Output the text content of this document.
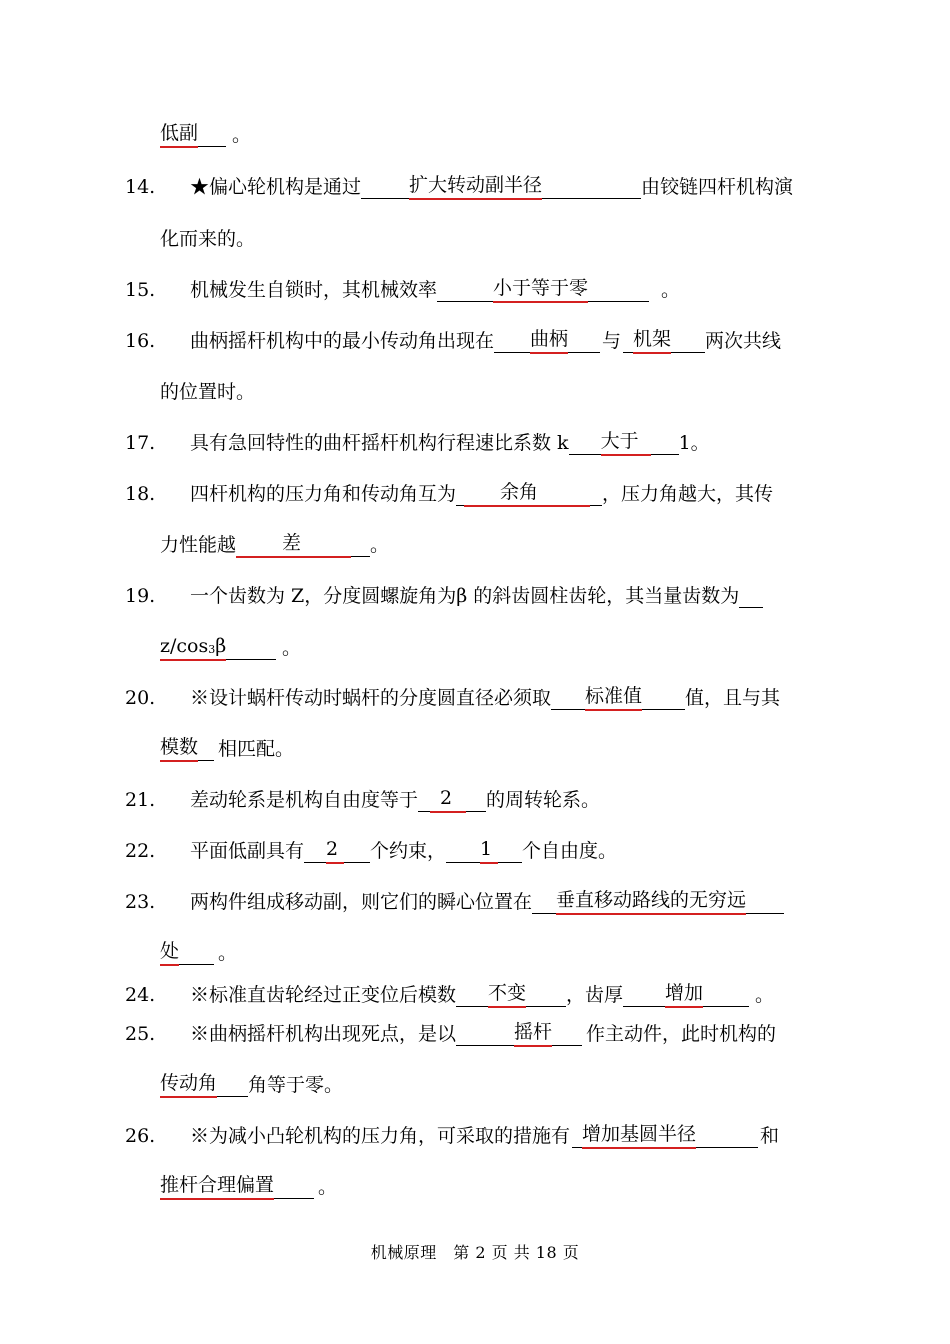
低副 。
14. ★偏心轮机构是通过	扩大转动副半径	由铰链四杆机构演
化而来的。
15. 机械发生自锁时，其机械效率	小于等于零	。
16. 曲柄摇杆机构中的最小传动角出现在 曲柄 与 机架 两次共线
的位置时。
17. 具有急回特性的曲杆摇杆机构行程速比系数 k 大于 1。
18. 四杆机构的压力角和传动角互为 余角	，压力角越大，其传
力性能越 差	。
19. 一个齿数为 Z，分度圆螺旋角为β 的斜齿圆柱齿轮，其当量齿数为
z/cos3β	。
20. ※设计蜗杆传动时蜗杆的分度圆直径必须取 标准值 值，且与其
模数 相匹配。
21. 差动轮系是机构自由度等于 2 的周转轮系。
22. 平面低副具有 2 个约束， 1 个自由度。
23. 两构件组成移动副，则它们的瞬心位置在 垂直移动路线的无穷远
处 。
24. ※标准直齿轮经过正变位后模数 不变 ，齿厚 增加	。
25. ※曲柄摇杆机构出现死点，是以	摇杆 作主动件，此时机构的
传动角 角等于零。
26. ※为减小凸轮机构的压力角，可采取的措施有 增加基圆半径	和
推杆合理偏置 。
机械原理　第 2 页 共 18 页
